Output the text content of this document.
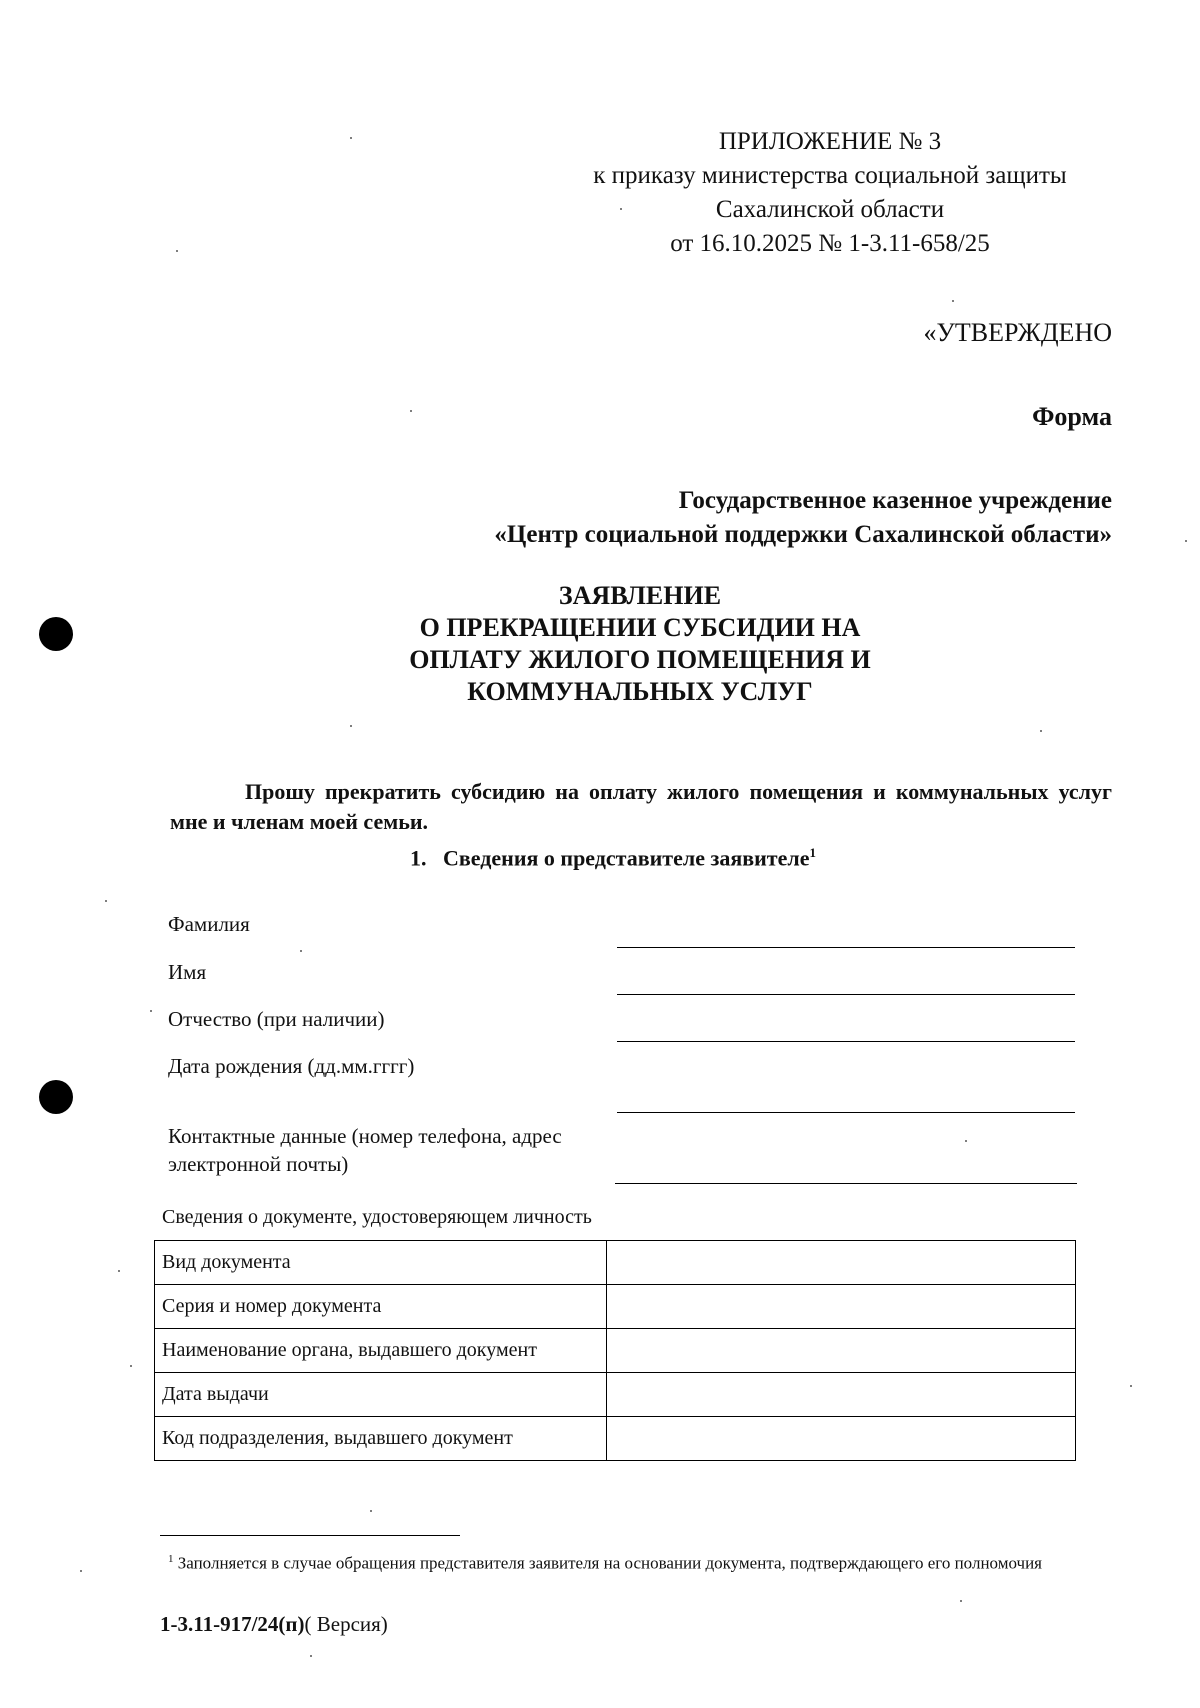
ПРИЛОЖЕНИЕ № 3
к приказу министерства социальной защиты
Сахалинской области
от 16.10.2025 № 1-3.11-658/25
«УТВЕРЖДЕНО
Форма
Государственное казенное учреждение
«Центр социальной поддержки Сахалинской области»
ЗАЯВЛЕНИЕ
О ПРЕКРАЩЕНИИ СУБСИДИИ НА
ОПЛАТУ ЖИЛОГО ПОМЕЩЕНИЯ И
КОММУНАЛЬНЫХ УСЛУГ
Прошу прекратить субсидию на оплату жилого помещения и коммунальных услуг мне и членам моей семьи.
1. Сведения о представителе заявителе$^1$
Фамилия
Имя
Отчество (при наличии)
Дата рождения (дд.мм.гггг)
Контактные данные (номер телефона, адрес
электронной почты)
Сведения о документе, удостоверяющем личность
Вид документа	
Серия и номер документа	
Наименование органа, выдавшего документ	
Дата выдачи	
Код подразделения, выдавшего документ	
$^1$ Заполняется в случае обращения представителя заявителя на основании документа, подтверждающего его полномочия
1-3.11-917/24(п)( Версия)
